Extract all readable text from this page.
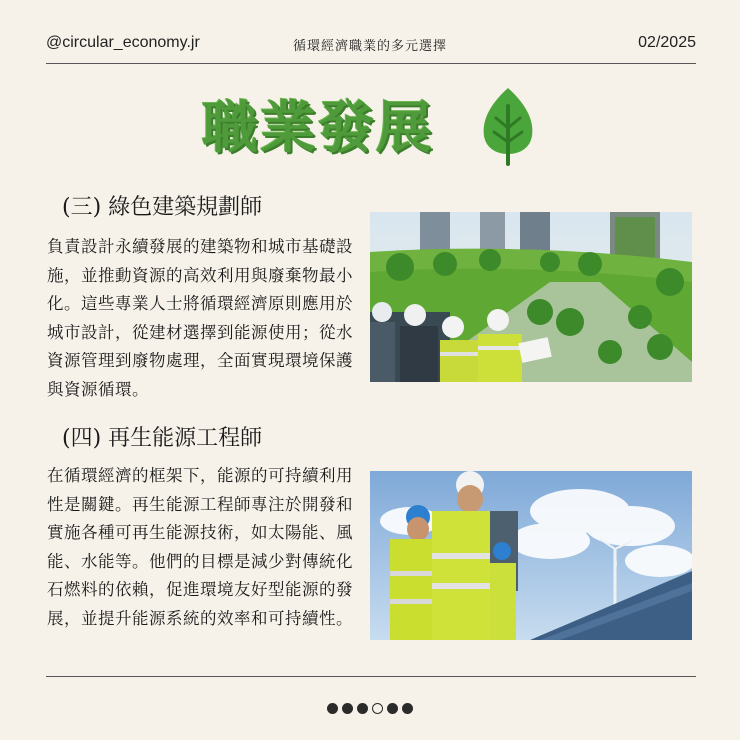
@circular_economy.jr	循環經濟職業的多元選擇	02/2025
職業發展
(三) 綠色建築規劃師
負責設計永續發展的建築物和城市基礎設施，並推動資源的高效利用與廢棄物最小化。這些專業人士將循環經濟原則應用於城市設計，從建材選擇到能源使用；從水資源管理到廢物處理，全面實現環境保護與資源循環。
(四) 再生能源工程師
在循環經濟的框架下，能源的可持續利用性是關鍵。再生能源工程師專注於開發和實施各種可再生能源技術，如太陽能、風能、水能等。他們的目標是減少對傳統化石燃料的依賴，促進環境友好型能源的發展，並提升能源系統的效率和可持續性。
